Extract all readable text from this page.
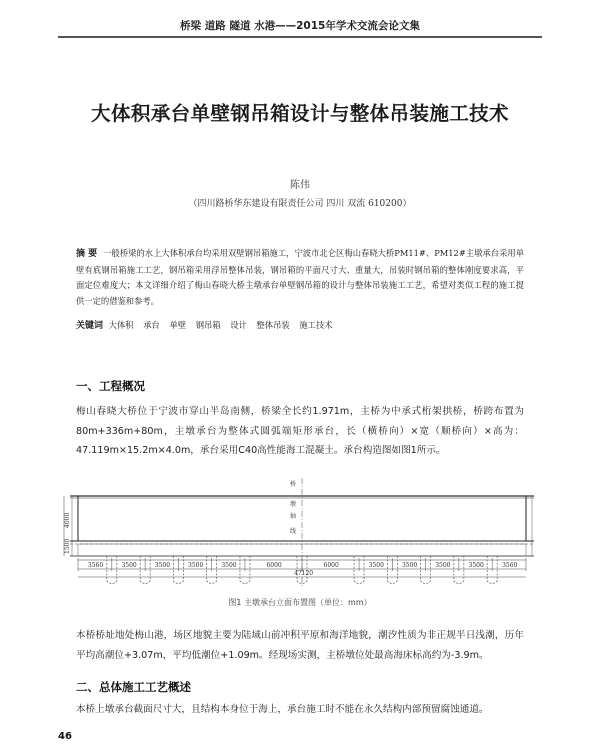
桥梁 道路 隧道 水港——2015年学术交流会论文集
大体积承台单壁钢吊箱设计与整体吊装施工技术
陈伟
（四川路桥华东建设有限责任公司 四川 双流 610200）
摘 要 一般桥梁的水上大体积承台均采用双壁钢吊箱施工，宁波市北仑区梅山春晓大桥PM11#、PM12#主墩承台采用单壁有底钢吊箱施工工艺，钢吊箱采用浮吊整体吊装，钢吊箱的平面尺寸大、重量大，吊装时钢吊箱的整体刚度要求高，平面定位难度大；本文详细介绍了梅山春晓大桥主墩承台单壁钢吊箱的设计与整体吊装施工工艺，希望对类似工程的施工提供一定的借鉴和参考。
关键词 大体积 承台 单壁 钢吊箱 设计 整体吊装 施工技术
一、工程概况
梅山春晓大桥位于宁波市穿山半岛南侧，桥梁全长约1.971m，主桥为中承式桁架拱桥，桥跨布置为80m+336m+80m，主墩承台为整体式圆弧端矩形承台，长（横桥向）×宽（顺桥向）×高为：47.119m×15.2m×4.0m，承台采用C40高性能海工混凝土。承台构造图如图1所示。
桥
墩
轴
线
1500
4000
3560	3500	3500	3500	3500	6000	6000	3500	3500	3500	3500	3560
47120
图1 主墩承台立面布置图（单位：mm）
本桥桥址地处梅山港，场区地貌主要为陆域山前冲积平原和海洋地貌，潮汐性质为非正规半日浅潮，历年平均高潮位+3.07m，平均低潮位+1.09m。经现场实测，主桥墩位处最高海床标高约为-3.9m。
二、总体施工工艺概述
本桥上墩承台截面尺寸大，且结构本身位于海上，承台施工时不能在永久结构内部预留腐蚀通道。
46
